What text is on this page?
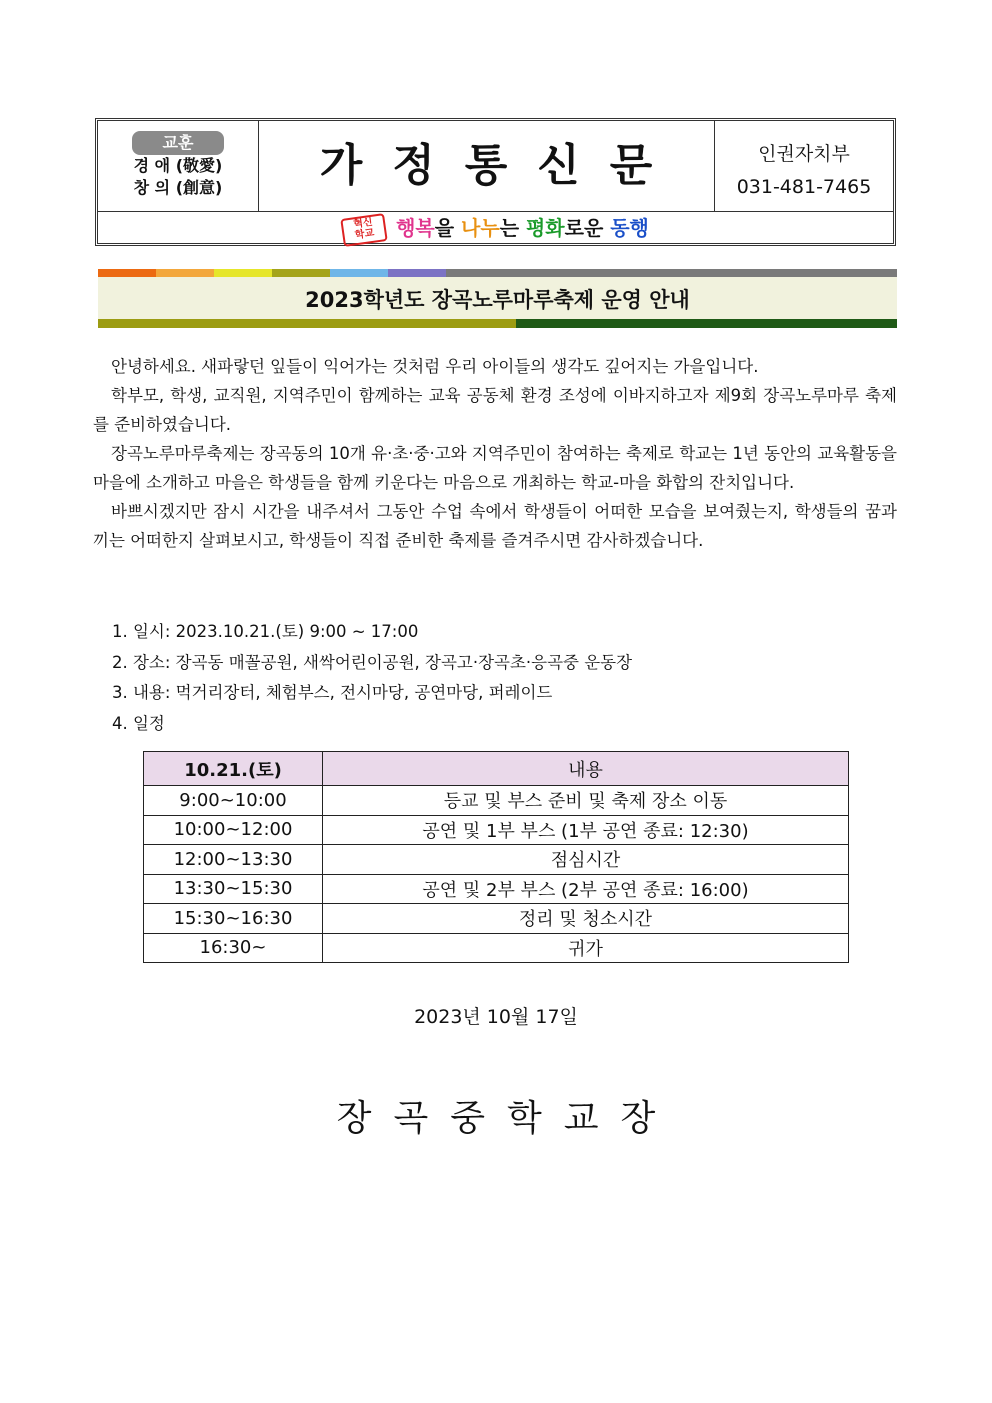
교훈
경 애 (敬愛)
창 의 (創意)	가정통신문	인권자치부
031-481-7465
혁신
학교 행복을 나누는 평화로운 동행
2023학년도 장곡노루마루축제 운영 안내

안녕하세요. 새파랗던 잎들이 익어가는 것처럼 우리 아이들의 생각도 깊어지는 가을입니다.

학부모, 학생, 교직원, 지역주민이 함께하는 교육 공동체 환경 조성에 이바지하고자 제9회 장곡노루마루 축제를 준비하였습니다.

장곡노루마루축제는 장곡동의 10개 유·초·중·고와 지역주민이 참여하는 축제로 학교는 1년 동안의 교육활동을 마을에 소개하고 마을은 학생들을 함께 키운다는 마음으로 개최하는 학교-마을 화합의 잔치입니다.

바쁘시겠지만 잠시 시간을 내주셔서 그동안 수업 속에서 학생들이 어떠한 모습을 보여줬는지, 학생들의 꿈과 끼는 어떠한지 살펴보시고, 학생들이 직접 준비한 축제를 즐겨주시면 감사하겠습니다.

1. 일시: 2023.10.21.(토) 9:00 ~ 17:00
2. 장소: 장곡동 매꼴공원, 새싹어린이공원, 장곡고·장곡초·응곡중 운동장
3. 내용: 먹거리장터, 체험부스, 전시마당, 공연마당, 퍼레이드
4. 일정
10.21.(토)	내용
9:00~10:00	등교 및 부스 준비 및 축제 장소 이동
10:00~12:00	공연 및 1부 부스 (1부 공연 종료: 12:30)
12:00~13:30	점심시간
13:30~15:30	공연 및 2부 부스 (2부 공연 종료: 16:00)
15:30~16:30	정리 및 청소시간
16:30~	귀가
2023년 10월 17일
장곡중학교장
